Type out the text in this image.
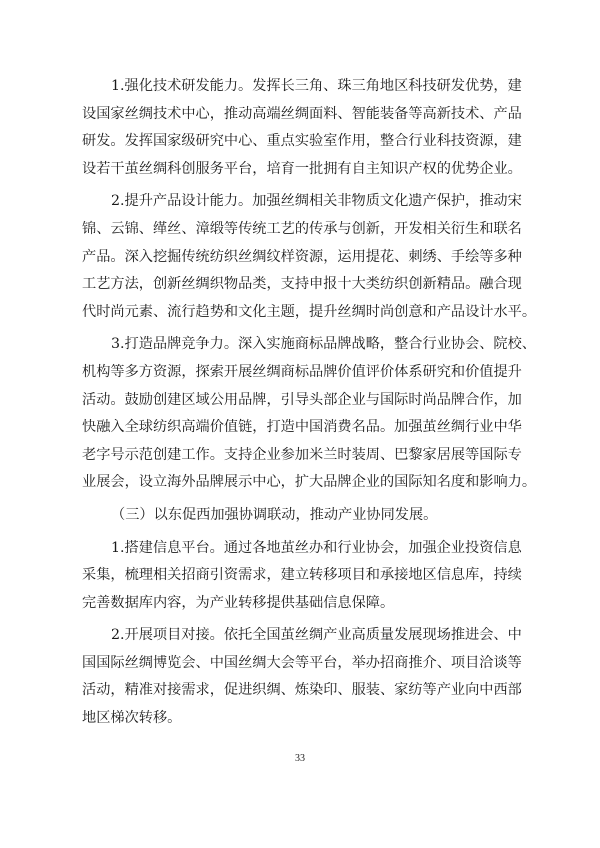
1.强化技术研发能力。发挥长三角、珠三角地区科技研发优势，建
设国家丝绸技术中心，推动高端丝绸面料、智能装备等高新技术、产品
研发。发挥国家级研究中心、重点实验室作用，整合行业科技资源，建
设若干茧丝绸科创服务平台，培育一批拥有自主知识产权的优势企业。
2.提升产品设计能力。加强丝绸相关非物质文化遗产保护，推动宋
锦、云锦、缂丝、漳缎等传统工艺的传承与创新，开发相关衍生和联名
产品。深入挖掘传统纺织丝绸纹样资源，运用提花、刺绣、手绘等多种
工艺方法，创新丝绸织物品类，支持申报十大类纺织创新精品。融合现
代时尚元素、流行趋势和文化主题，提升丝绸时尚创意和产品设计水平。
3.打造品牌竞争力。深入实施商标品牌战略，整合行业协会、院校、
机构等多方资源，探索开展丝绸商标品牌价值评价体系研究和价值提升
活动。鼓励创建区域公用品牌，引导头部企业与国际时尚品牌合作，加
快融入全球纺织高端价值链，打造中国消费名品。加强茧丝绸行业中华
老字号示范创建工作。支持企业参加米兰时装周、巴黎家居展等国际专
业展会，设立海外品牌展示中心，扩大品牌企业的国际知名度和影响力。
（三）以东促西加强协调联动，推动产业协同发展。
1.搭建信息平台。通过各地茧丝办和行业协会，加强企业投资信息
采集，梳理相关招商引资需求，建立转移项目和承接地区信息库，持续
完善数据库内容，为产业转移提供基础信息保障。
2.开展项目对接。依托全国茧丝绸产业高质量发展现场推进会、中
国国际丝绸博览会、中国丝绸大会等平台，举办招商推介、项目洽谈等
活动，精准对接需求，促进织绸、炼染印、服装、家纺等产业向中西部
地区梯次转移。
33
